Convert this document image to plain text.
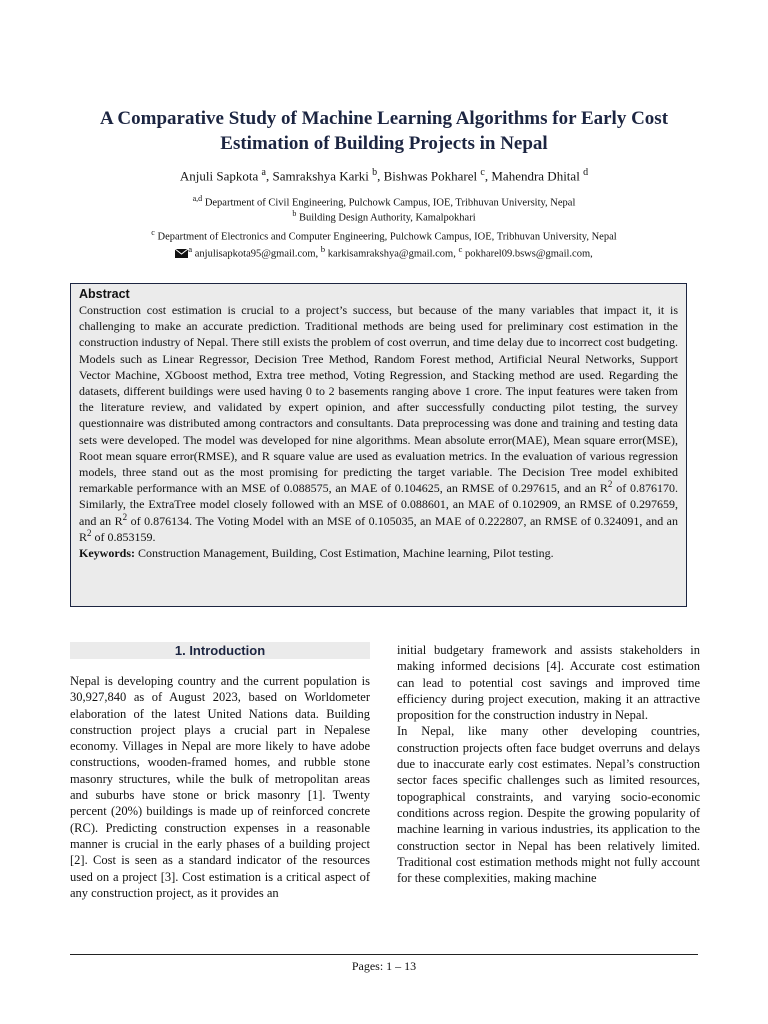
A Comparative Study of Machine Learning Algorithms for Early Cost
Estimation of Building Projects in Nepal
Anjuli Sapkota $^a$, Samrakshya Karki $^b$, Bishwas Pokharel $^c$, Mahendra Dhital $^d$
$^{a,d}$ Department of Civil Engineering, Pulchowk Campus, IOE, Tribhuvan University, Nepal
$^b$ Building Design Authority, Kamalpokhari
$^c$ Department of Electronics and Computer Engineering, Pulchowk Campus, IOE, Tribhuvan University, Nepal
$^a$ anjulisapkota95@gmail.com, $^b$ karkisamrakshya@gmail.com, $^c$ pokharel09.bsws@gmail.com,
Abstract

Construction cost estimation is crucial to a project’s success, but because of the many variables that impact it, it is challenging to make an accurate prediction. Traditional methods are being used for preliminary cost estimation in the construction industry of Nepal. There still exists the problem of cost overrun, and time delay due to incorrect cost budgeting. Models such as Linear Regressor, Decision Tree Method, Random Forest method, Artificial Neural Networks, Support Vector Machine, XGboost method, Extra tree method, Voting Regression, and Stacking method are used. Regarding the datasets, different buildings were used having 0 to 2 basements ranging above 1 crore. The input features were taken from the literature review, and validated by expert opinion, and after successfully conducting pilot testing, the survey questionnaire was distributed among contractors and consultants. Data preprocessing was done and training and testing data sets were developed. The model was developed for nine algorithms. Mean absolute error(MAE), Mean square error(MSE), Root mean square error(RMSE), and R square value are used as evaluation metrics. In the evaluation of various regression models, three stand out as the most promising for predicting the target variable. The Decision Tree model exhibited remarkable performance with an MSE of 0.088575, an MAE of 0.104625, an RMSE of 0.297615, and an $R^2$ of 0.876170. Similarly, the ExtraTree model closely followed with an MSE of 0.088601, an MAE of 0.102909, an RMSE of 0.297659, and an $R^2$ of 0.876134. The Voting Model with an MSE of 0.105035, an MAE of 0.222807, an RMSE of 0.324091, and an $R^2$ of 0.853159.

Keywords: Construction Management, Building, Cost Estimation, Machine learning, Pilot testing.

1. Introduction

Nepal is developing country and the current population is 30,927,840 as of August 2023, based on Worldometer elaboration of the latest United Nations data. Building construction project plays a crucial part in Nepalese economy. Villages in Nepal are more likely to have adobe constructions, wooden-framed homes, and rubble stone masonry structures, while the bulk of metropolitan areas and suburbs have stone or brick masonry [1]. Twenty percent (20%) buildings is made up of reinforced concrete (RC). Predicting construction expenses in a reasonable manner is crucial in the early phases of a building project [2]. Cost is seen as a standard indicator of the resources used on a project [3]. Cost estimation is a critical aspect of any construction project, as it provides an

initial budgetary framework and assists stakeholders in making informed decisions [4]. Accurate cost estimation can lead to potential cost savings and improved time efficiency during project execution, making it an attractive proposition for the construction industry in Nepal.

In Nepal, like many other developing countries, construction projects often face budget overruns and delays due to inaccurate early cost estimates. Nepal’s construction sector faces specific challenges such as limited resources, topographical constraints, and varying socio-economic conditions across region. Despite the growing popularity of machine learning in various industries, its application to the construction sector in Nepal has been relatively limited. Traditional cost estimation methods might not fully account for these complexities, making machine

Pages: 1 – 13
